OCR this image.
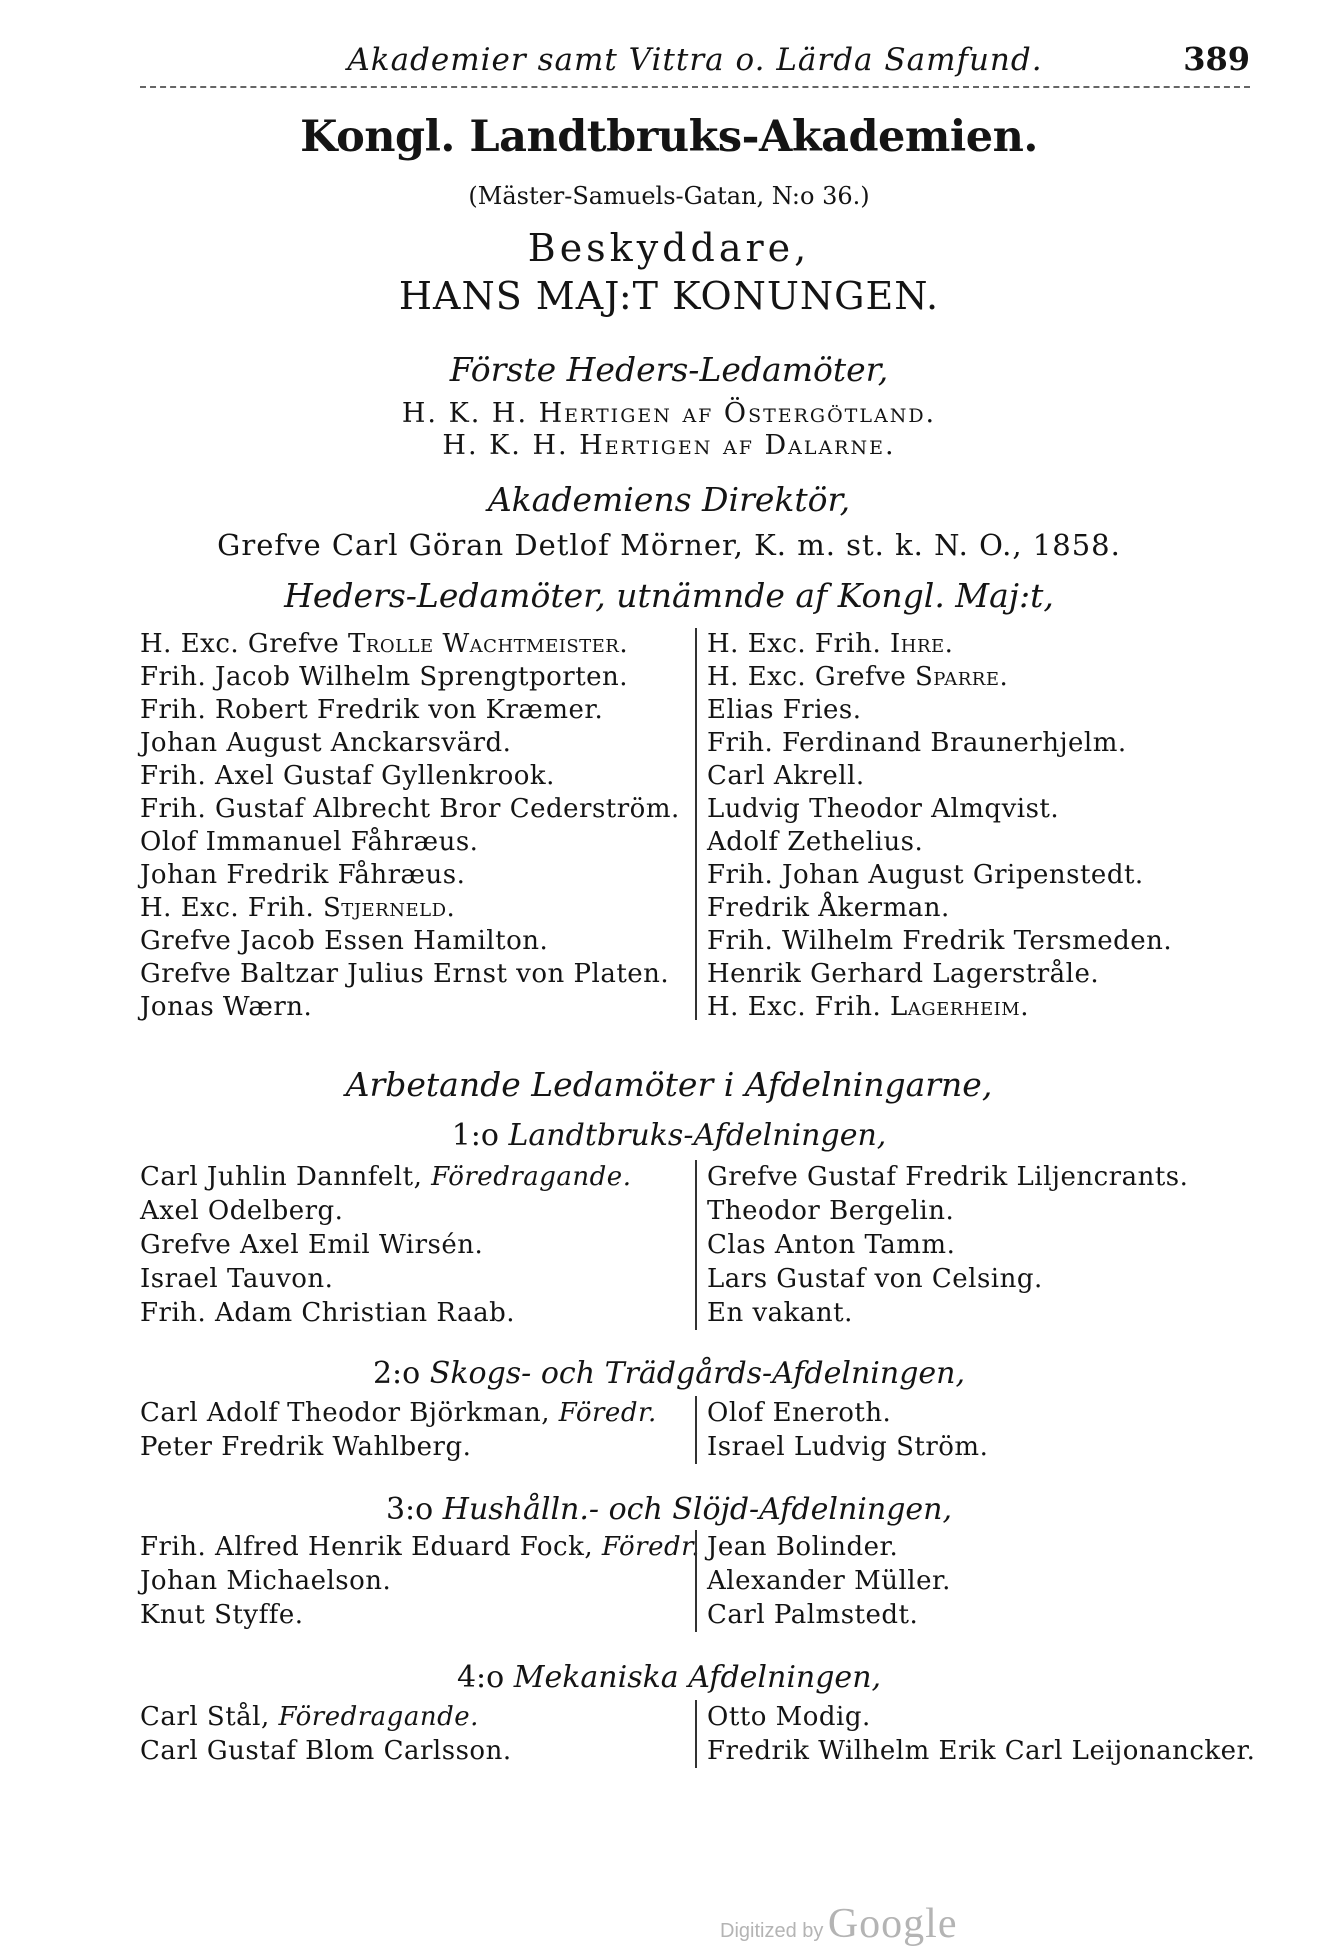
Akademier samt Vittra o. Lärda Samfund.	389
Kongl. Landtbruks-Akademien.
(Mäster-Samuels-Gatan, N:o 36.)
Beskyddare,
HANS MAJ:T KONUNGEN.
Förste Heders-Ledamöter,
H. K. H. Hertigen af Östergötland.
H. K. H. Hertigen af Dalarne.
Akademiens Direktör,
Grefve Carl Göran Detlof Mörner, K. m. st. k. N. O., 1858.
Heders-Ledamöter, utnämnde af Kongl. Maj:t,
H. Exc. Grefve Trolle Wachtmeister.
Frih. Jacob Wilhelm Sprengtporten.
Frih. Robert Fredrik von Kræmer.
Johan August Anckarsvärd.
Frih. Axel Gustaf Gyllenkrook.
Frih. Gustaf Albrecht Bror Cederström.
Olof Immanuel Fåhræus.
Johan Fredrik Fåhræus.
H. Exc. Frih. Stjerneld.
Grefve Jacob Essen Hamilton.
Grefve Baltzar Julius Ernst von Platen.
Jonas Wærn.
H. Exc. Frih. Ihre.
H. Exc. Grefve Sparre.
Elias Fries.
Frih. Ferdinand Braunerhjelm.
Carl Akrell.
Ludvig Theodor Almqvist.
Adolf Zethelius.
Frih. Johan August Gripenstedt.
Fredrik Åkerman.
Frih. Wilhelm Fredrik Tersmeden.
Henrik Gerhard Lagerstråle.
H. Exc. Frih. Lagerheim.
Arbetande Ledamöter i Afdelningarne,
1:o Landtbruks-Afdelningen,
Carl Juhlin Dannfelt, Föredragande.
Axel Odelberg.
Grefve Axel Emil Wirsén.
Israel Tauvon.
Frih. Adam Christian Raab.
Grefve Gustaf Fredrik Liljencrants.
Theodor Bergelin.
Clas Anton Tamm.
Lars Gustaf von Celsing.
En vakant.
2:o Skogs- och Trädgårds-Afdelningen,
Carl Adolf Theodor Björkman, Föredr.
Peter Fredrik Wahlberg.
Olof Eneroth.
Israel Ludvig Ström.
3:o Hushålln.- och Slöjd-Afdelningen,
Frih. Alfred Henrik Eduard Fock, Föredr.
Johan Michaelson.
Knut Styffe.
Jean Bolinder.
Alexander Müller.
Carl Palmstedt.
4:o Mekaniska Afdelningen,
Carl Stål, Föredragande.
Carl Gustaf Blom Carlsson.
Otto Modig.
Fredrik Wilhelm Erik Carl Leijonancker.
Digitized by Google
